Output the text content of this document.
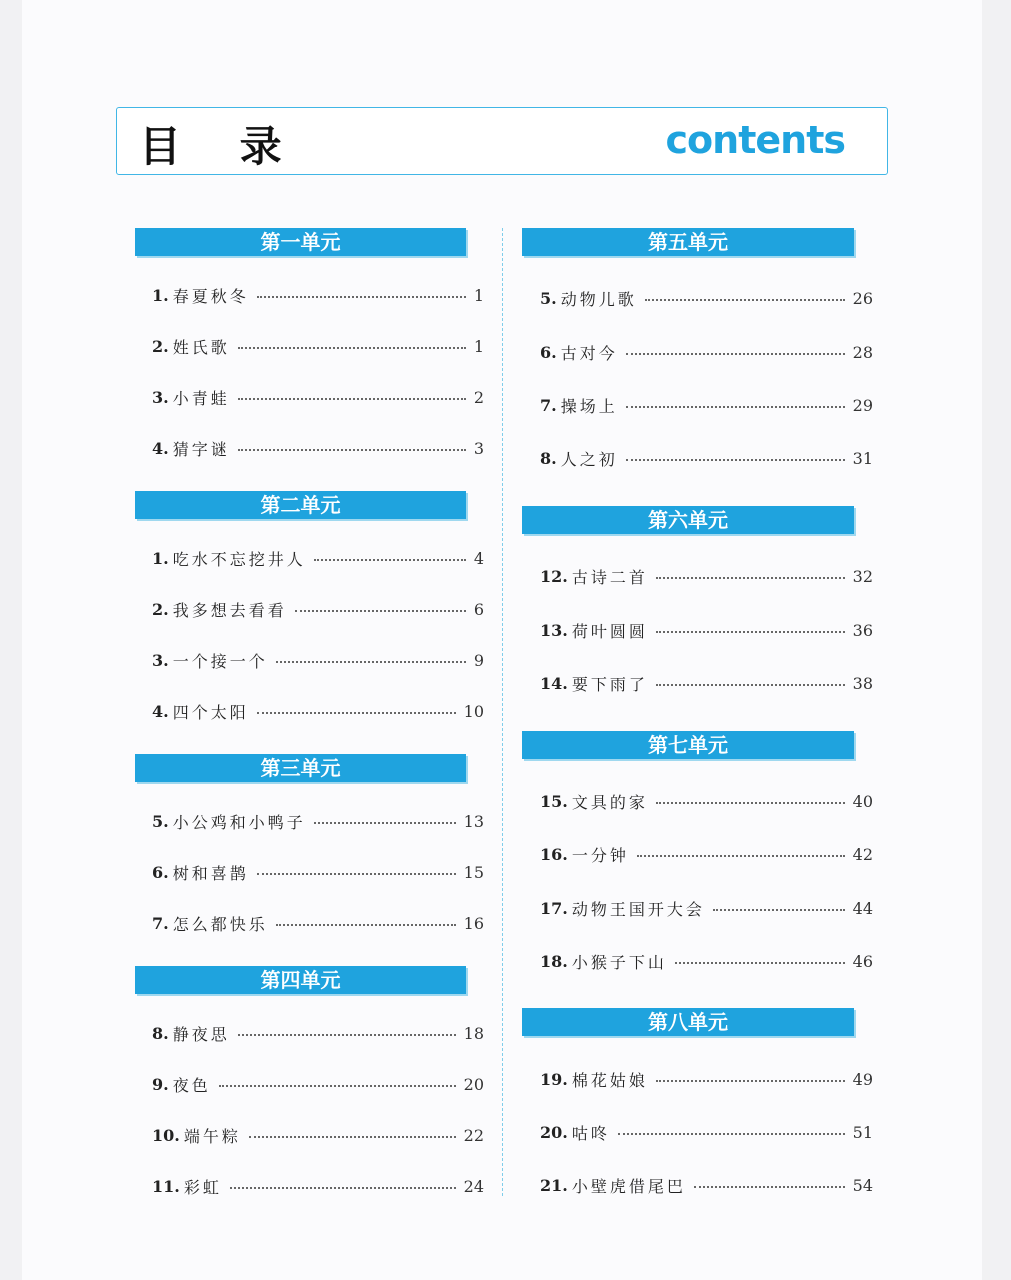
目 录	contents
第一单元
1. 春夏秋冬	1
2. 姓氏歌	1
3. 小青蛙	2
4. 猜字谜	3
第二单元
1. 吃水不忘挖井人	4
2. 我多想去看看	6
3. 一个接一个	9
4. 四个太阳	10
第三单元
5. 小公鸡和小鸭子	13
6. 树和喜鹊	15
7. 怎么都快乐	16
第四单元
8. 静夜思	18
9. 夜色	20
10. 端午粽	22
11. 彩虹	24
第五单元
5. 动物儿歌	26
6. 古对今	28
7. 操场上	29
8. 人之初	31
第六单元
12. 古诗二首	32
13. 荷叶圆圆	36
14. 要下雨了	38
第七单元
15. 文具的家	40
16. 一分钟	42
17. 动物王国开大会	44
18. 小猴子下山	46
第八单元
19. 棉花姑娘	49
20. 咕咚	51
21. 小壁虎借尾巴	54
